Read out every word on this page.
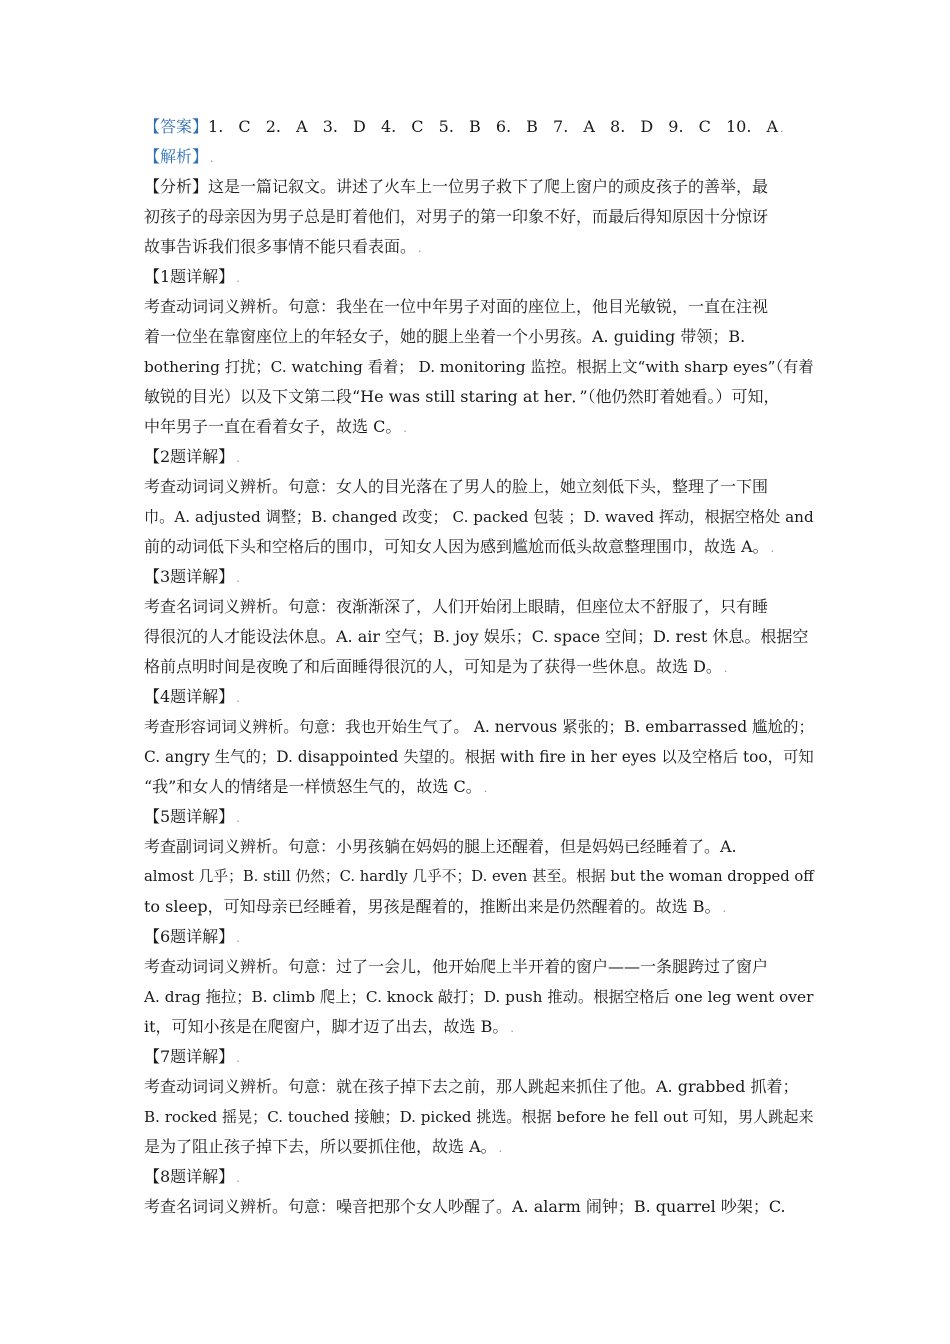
【答案】1. C 2. A 3. D 4. C 5. B 6. B 7. A 8. D 9. C 10. A .
【解析】 .
【分析】这是一篇记叙文。讲述了火车上一位男子救下了爬上窗户的顽皮孩子的善举，最
初孩子的母亲因为男子总是盯着他们，对男子的第一印象不好，而最后得知原因十分惊讶
故事告诉我们很多事情不能只看表面。 .
【1题详解】 .
考查动词词义辨析。句意：我坐在一位中年男子对面的座位上，他目光敏锐，一直在注视
着一位坐在靠窗座位上的年轻女子，她的腿上坐着一个小男孩。A. guiding 带领；B.
bothering 打扰；C. watching 看着； D. monitoring 监控。根据上文“with sharp eyes”（有着
敏锐的目光）以及下文第二段“He was still staring at her．”（他仍然盯着她看。）可知，
中年男子一直在看着女子，故选 C。 .
【2题详解】 .
考查动词词义辨析。句意：女人的目光落在了男人的脸上，她立刻低下头，整理了一下围
巾。A. adjusted 调整；B. changed 改变； C. packed 包装 ；D. waved 挥动，根据空格处 and
前的动词低下头和空格后的围巾，可知女人因为感到尴尬而低头故意整理围巾，故选 A。 .
【3题详解】 .
考查名词词义辨析。句意：夜渐渐深了，人们开始闭上眼睛，但座位太不舒服了，只有睡
得很沉的人才能设法休息。A. air 空气；B. joy 娱乐；C. space 空间；D. rest 休息。根据空
格前点明时间是夜晚了和后面睡得很沉的人，可知是为了获得一些休息。故选 D。 .
【4题详解】 .
考查形容词词义辨析。句意：我也开始生气了。 A. nervous 紧张的；B. embarrassed 尴尬的；
C. angry 生气的；D. disappointed 失望的。根据 with fire in her eyes 以及空格后 too，可知
“我”和女人的情绪是一样愤怒生气的，故选 C。 .
【5题详解】 .
考查副词词义辨析。句意：小男孩躺在妈妈的腿上还醒着，但是妈妈已经睡着了。A.
almost 几乎；B. still 仍然；C. hardly 几乎不；D. even 甚至。根据 but the woman dropped off
to sleep，可知母亲已经睡着，男孩是醒着的，推断出来是仍然醒着的。故选 B。 .
【6题详解】 .
考查动词词义辨析。句意：过了一会儿，他开始爬上半开着的窗户——一条腿跨过了窗户
A. drag 拖拉；B. climb 爬上；C. knock 敲打；D. push 推动。根据空格后 one leg went over
it，可知小孩是在爬窗户，脚才迈了出去，故选 B。 .
【7题详解】 .
考查动词词义辨析。句意：就在孩子掉下去之前，那人跳起来抓住了他。A. grabbed 抓着；
B. rocked 摇晃；C. touched 接触；D. picked 挑选。根据 before he fell out 可知，男人跳起来
是为了阻止孩子掉下去，所以要抓住他，故选 A。 .
【8题详解】 .
考查名词词义辨析。句意：噪音把那个女人吵醒了。A. alarm 闹钟；B. quarrel 吵架；C.
